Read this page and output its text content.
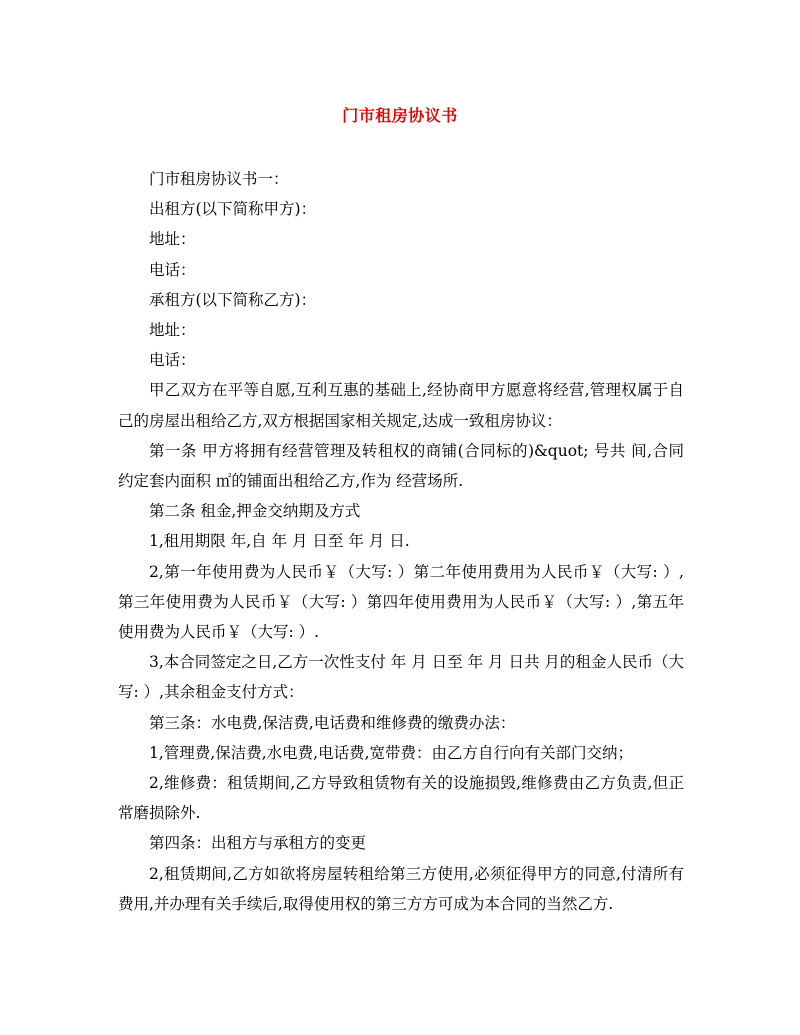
门市租房协议书

门市租房协议书一：

出租方(以下简称甲方)：

地址：

电话：

承租方(以下简称乙方)：

地址：

电话：

甲乙双方在平等自愿,互利互惠的基础上,经协商甲方愿意将经营,管理权属于自己的房屋出租给乙方,双方根据国家相关规定,达成一致租房协议：

第一条 甲方将拥有经营管理及转租权的商铺(合同标的)&quot; 号共 间,合同约定套内面积 ㎡的铺面出租给乙方,作为 经营场所.

第二条 租金,押金交纳期及方式

1,租用期限 年,自 年 月 日至 年 月 日.

2,第一年使用费为人民币￥（大写: ）第二年使用费用为人民币￥（大写: ）, 第三年使用费为人民币￥（大写: ）第四年使用费用为人民币￥（大写: ）,第五年使用费为人民币￥（大写: ）.

3,本合同签定之日,乙方一次性支付 年 月 日至 年 月 日共 月的租金人民币（大写: ）,其余租金支付方式：

第三条：水电费,保洁费,电话费和维修费的缴费办法：

1,管理费,保洁费,水电费,电话费,宽带费：由乙方自行向有关部门交纳；

2,维修费：租赁期间,乙方导致租赁物有关的设施损毁,维修费由乙方负责,但正常磨损除外.

第四条：出租方与承租方的变更

2,租赁期间,乙方如欲将房屋转租给第三方使用,必须征得甲方的同意,付清所有费用,并办理有关手续后,取得使用权的第三方方可成为本合同的当然乙方.
